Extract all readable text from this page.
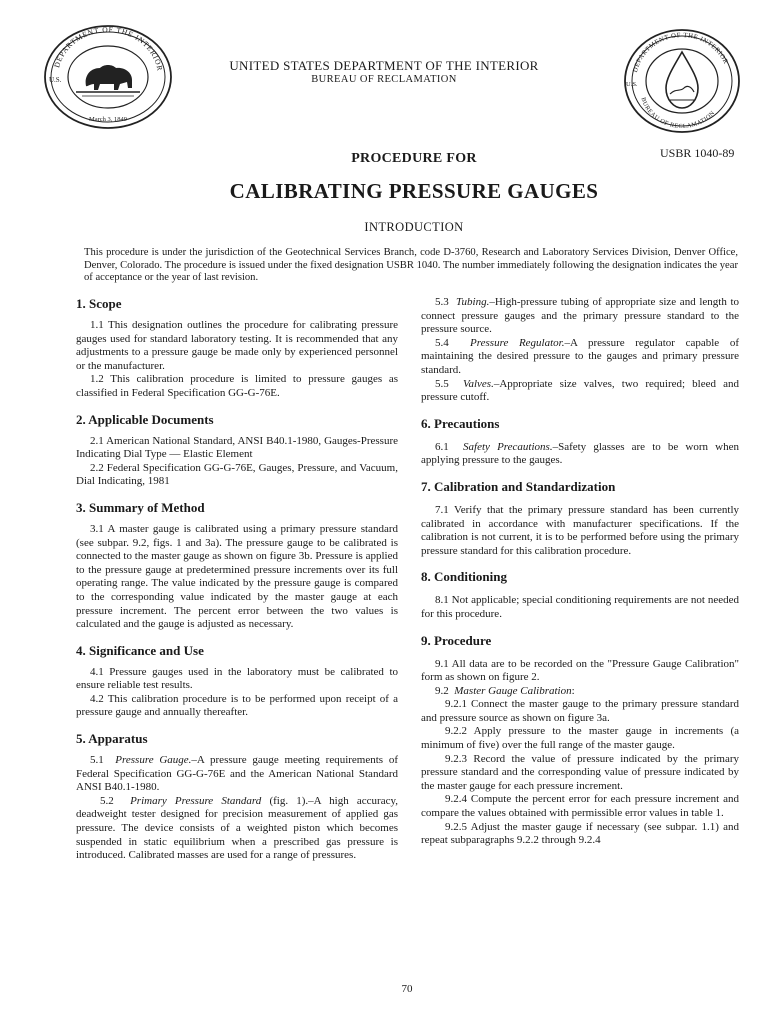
DEPARTMENT OF THE INTERIOR
U.S.
March 3, 1849
DEPARTMENT OF THE INTERIOR
BUREAU OF RECLAMATION
U.S.
UNITED STATES DEPARTMENT OF THE INTERIOR
BUREAU OF RECLAMATION
USBR 1040-89
PROCEDURE FOR
CALIBRATING PRESSURE GAUGES
INTRODUCTION

This procedure is under the jurisdiction of the Geotechnical Services Branch, code D-3760, Research and Laboratory Services Division, Denver Office, Denver, Colorado. The procedure is issued under the fixed designation USBR 1040. The number immediately following the designation indicates the year of acceptance or the year of last revision.

1. Scope

1.1 This designation outlines the procedure for calibrating pressure gauges used for standard laboratory testing. It is recommended that any adjustments to a pressure gauge be made only by experienced personnel or the manufacturer.

1.2 This calibration procedure is limited to pressure gauges as classified in Federal Specification GG-G-76E.

2. Applicable Documents

2.1 American National Standard, ANSI B40.1-1980, Gauges-Pressure Indicating Dial Type — Elastic Element

2.2 Federal Specification GG-G-76E, Gauges, Pressure, and Vacuum, Dial Indicating, 1981

3. Summary of Method

3.1 A master gauge is calibrated using a primary pressure standard (see subpar. 9.2, figs. 1 and 3a). The pressure gauge to be calibrated is connected to the master gauge as shown on figure 3b. Pressure is applied to the pressure gauge at predetermined pressure increments over its full operating range. The value indicated by the pressure gauge is compared to the corresponding value indicated by the master gauge at each pressure increment. The percent error between the two values is calculated and the gauge is adjusted as necessary.

4. Significance and Use

4.1 Pressure gauges used in the laboratory must be calibrated to ensure reliable test results.

4.2 This calibration procedure is to be performed upon receipt of a pressure gauge and annually thereafter.

5. Apparatus

5.1 Pressure Gauge.–A pressure gauge meeting requirements of Federal Specification GG-G-76E and the American National Standard ANSI B40.1-1980.

5.2 Primary Pressure Standard (fig. 1).–A high accuracy, deadweight tester designed for precision measurement of applied gas pressure. The device consists of a weighted piston which becomes suspended in static equilibrium when a prescribed gas pressure is introduced. Calibrated masses are used for a range of pressures.

5.3 Tubing.–High-pressure tubing of appropriate size and length to connect pressure gauges and the primary pressure standard to the pressure source.

5.4 Pressure Regulator.–A pressure regulator capable of maintaining the desired pressure to the gauges and primary pressure standard.

5.5 Valves.–Appropriate size valves, two required; bleed and pressure cutoff.

6. Precautions

6.1 Safety Precautions.–Safety glasses are to be worn when applying pressure to the gauges.

7. Calibration and Standardization

7.1 Verify that the primary pressure standard has been currently calibrated in accordance with manufacturer specifications. If the calibration is not current, it is to be performed before using the primary pressure standard for this calibration procedure.

8. Conditioning

8.1 Not applicable; special conditioning requirements are not needed for this procedure.

9. Procedure

9.1 All data are to be recorded on the "Pressure Gauge Calibration" form as shown on figure 2.

9.2 Master Gauge Calibration:

9.2.1 Connect the master gauge to the primary pressure standard and pressure source as shown on figure 3a.

9.2.2 Apply pressure to the master gauge in increments (a minimum of five) over the full range of the master gauge.

9.2.3 Record the value of pressure indicated by the primary pressure standard and the corresponding value of pressure indicated by the master gauge for each pressure increment.

9.2.4 Compute the percent error for each pressure increment and compare the values obtained with permissible error values in table 1.

9.2.5 Adjust the master gauge if necessary (see subpar. 1.1) and repeat subparagraphs 9.2.2 through 9.2.4

70
